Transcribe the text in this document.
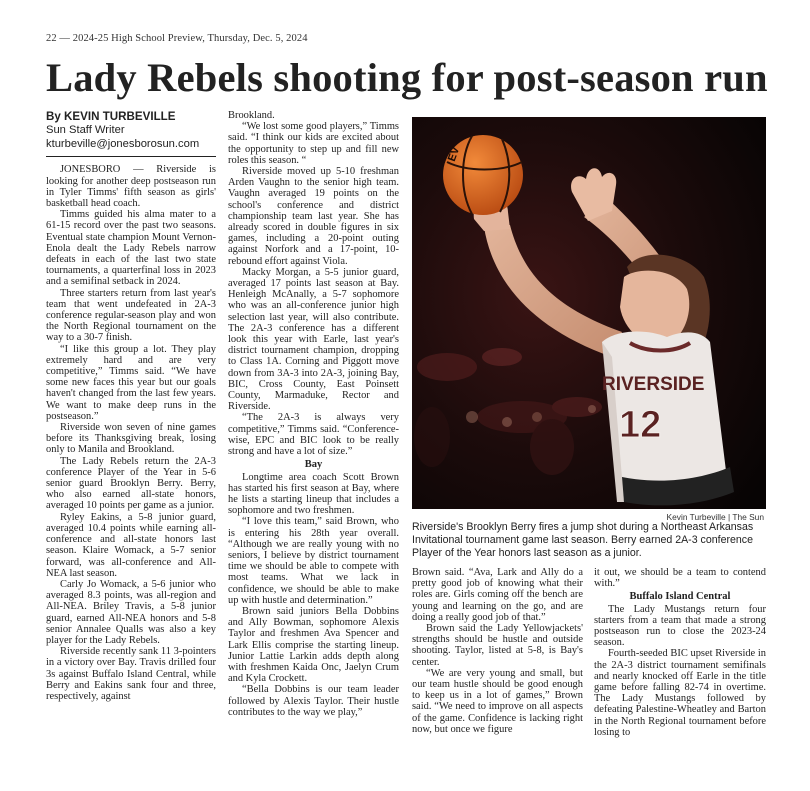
22 — 2024-25 High School Preview, Thursday, Dec. 5, 2024
Lady Rebels shooting for post-season run
By KEVIN TURBEVILLE
Sun Staff Writer
kturbeville@jonesborosun.com

JONESBORO — Riverside is looking for another deep postseason run in Tyler Timms' fifth season as girls' basketball head coach.

Timms guided his alma mater to a 61-15 record over the past two seasons. Eventual state champion Mount Vernon-Enola dealt the Lady Rebels narrow defeats in each of the last two state tournaments, a quarterfinal loss in 2023 and a semifinal setback in 2024.

Three starters return from last year's team that went undefeated in 2A-3 conference regular-season play and won the North Regional tournament on the way to a 30-7 finish.

“I like this group a lot. They play extremely hard and are very competitive,” Timms said. “We have some new faces this year but our goals haven't changed from the last few years. We want to make deep runs in the postseason.”

Riverside won seven of nine games before its Thanksgiving break, losing only to Manila and Brookland.

The Lady Rebels return the 2A-3 conference Player of the Year in 5-6 senior guard Brooklyn Berry. Berry, who also earned all-state honors, averaged 10 points per game as a junior.

Ryley Eakins, a 5-8 junior guard, averaged 10.4 points while earning all-conference and all-state honors last season. Klaire Womack, a 5-7 senior forward, was all-conference and All-NEA last season.

Carly Jo Womack, a 5-6 junior who averaged 8.3 points, was all-region and All-NEA. Briley Travis, a 5-8 junior guard, earned All-NEA honors and 5-8 senior Annalee Qualls was also a key player for the Lady Rebels.

Riverside recently sank 11 3-pointers in a victory over Bay. Travis drilled four 3s against Buffalo Island Central, while Berry and Eakins sank four and three, respectively, against

Brookland.

“We lost some good players,” Timms said. “I think our kids are excited about the opportunity to step up and fill new roles this season. “

Riverside moved up 5-10 freshman Arden Vaughn to the senior high team. Vaughn averaged 19 points on the school's conference and district championship team last year. She has already scored in double figures in six games, including a 20-point outing against Norfork and a 17-point, 10-rebound effort against Viola.

Macky Morgan, a 5-5 junior guard, averaged 17 points last season at Bay. Henleigh McAnally, a 5-7 sophomore who was an all-conference junior high selection last year, will also contribute. The 2A-3 conference has a different look this year with Earle, last year's district tournament champion, dropping to Class 1A. Corning and Piggott move down from 3A-3 into 2A-3, joining Bay, BIC, Cross County, East Poinsett County, Marmaduke, Rector and Riverside.

“The 2A-3 is always very competitive,” Timms said. “Conference-wise, EPC and BIC look to be really strong and have a lot of size.”

Bay

Longtime area coach Scott Brown has started his first season at Bay, where he lists a starting lineup that includes a sophomore and two freshmen.

“I love this team,” said Brown, who is entering his 28th year overall. “Although we are really young with no seniors, I believe by district tournament time we should be able to compete with most teams. What we lack in confidence, we should be able to make up with hustle and determination.”

Brown said juniors Bella Dobbins and Ally Bowman, sophomore Alexis Taylor and freshmen Ava Spencer and Lark Ellis comprise the starting lineup. Junior Lattie Larkin adds depth along with freshmen Kaida Onc, Jaelyn Crum and Kyla Crockett.

“Bella Dobbins is our team leader followed by Alexis Taylor. Their hustle contributes to the way we play,”

RIVERSIDE
12
EV
Kevin Turbeville | The Sun
Riverside's Brooklyn Berry fires a jump shot during a Northeast Arkansas Invitational tournament game last season. Berry earned 2A-3 conference Player of the Year honors last season as a junior.

Brown said. “Ava, Lark and Ally do a pretty good job of knowing what their roles are. Girls coming off the bench are young and learning on the go, and are doing a really good job of that.”

Brown said the Lady Yellowjackets' strengths should be hustle and outside shooting. Taylor, listed at 5-8, is Bay's center.

“We are very young and small, but our team hustle should be good enough to keep us in a lot of games,” Brown said. “We need to improve on all aspects of the game. Confidence is lacking right now, but once we figure

it out, we should be a team to contend with.”

Buffalo Island Central

The Lady Mustangs return four starters from a team that made a strong postseason run to close the 2023-24 season.

Fourth-seeded BIC upset Riverside in the 2A-3 district tournament semifinals and nearly knocked off Earle in the title game before falling 82-74 in overtime. The Lady Mustangs followed by defeating Palestine-Wheatley and Barton in the North Regional tournament before losing to
